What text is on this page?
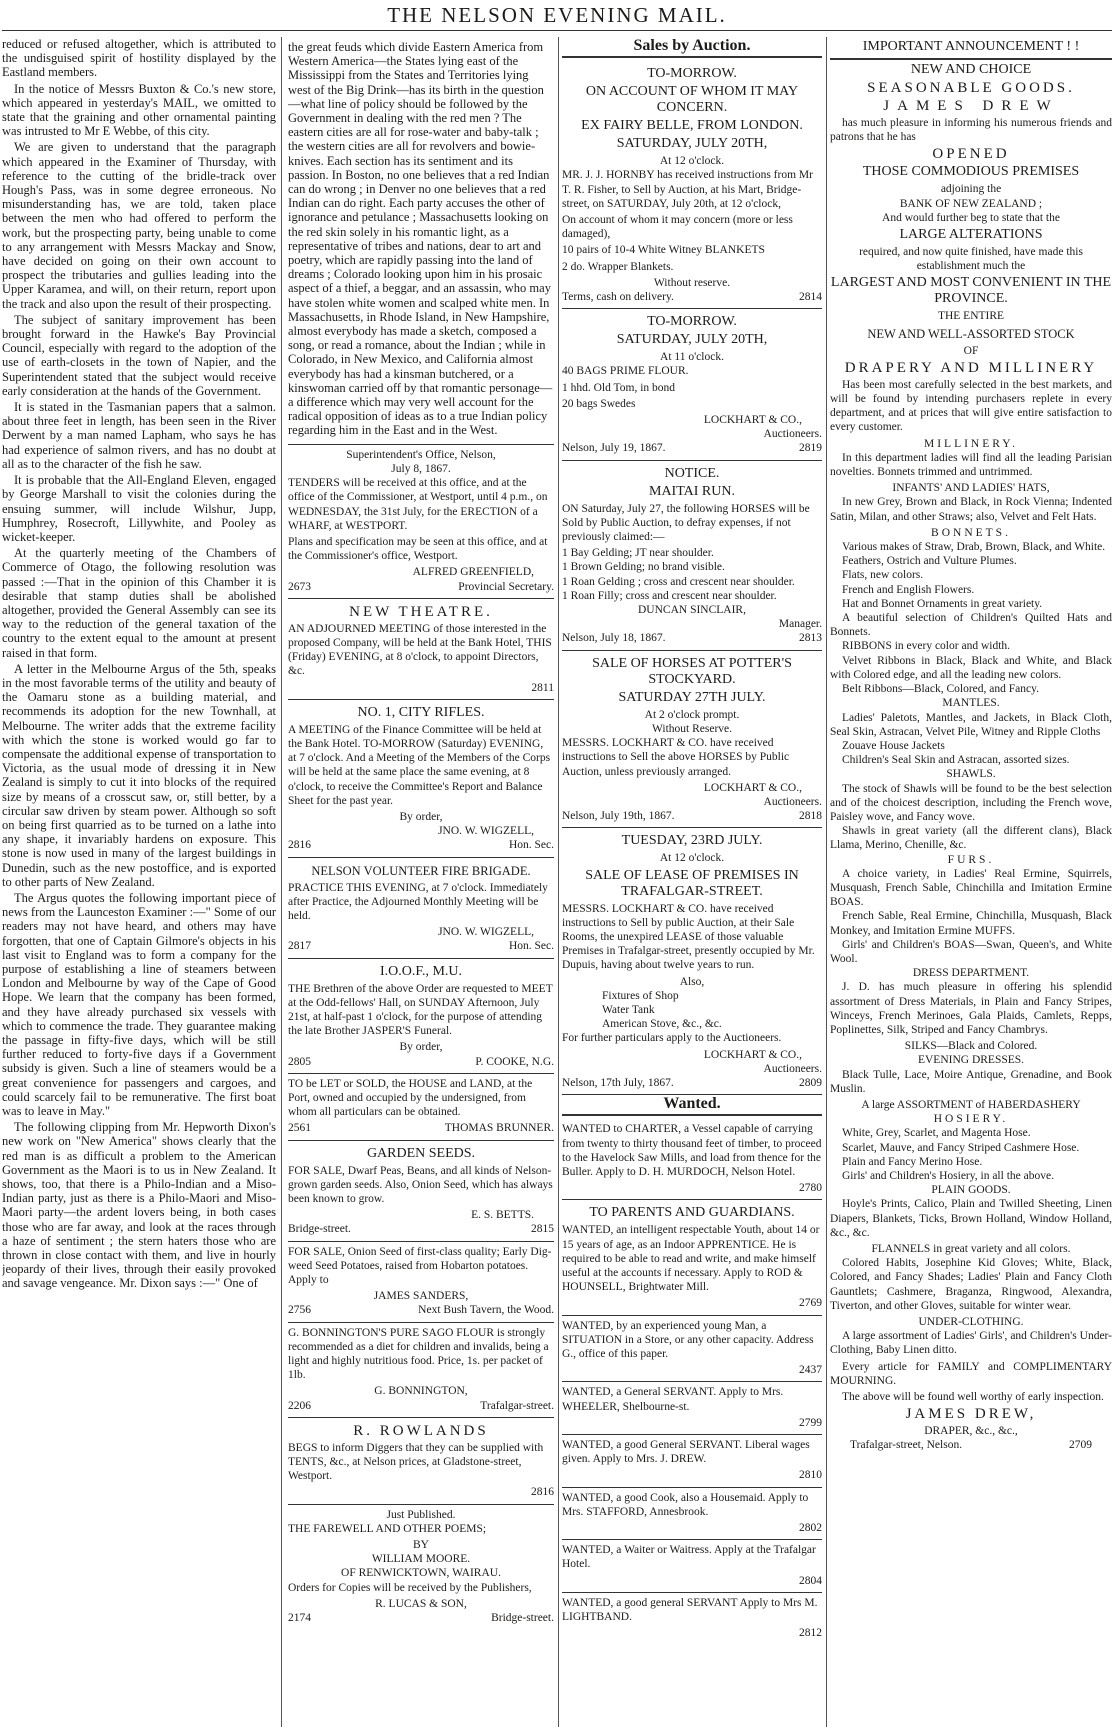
THE NELSON EVENING MAIL.

reduced or refused altogether, which is attributed to the undisguised spirit of hostility displayed by the Eastland members.

In the notice of Messrs Buxton & Co.'s new store, which appeared in yesterday's MAIL, we omitted to state that the graining and other ornamental painting was intrusted to Mr E Webbe, of this city.

We are given to understand that the paragraph which appeared in the Examiner of Thursday, with reference to the cutting of the bridle-track over Hough's Pass, was in some degree erroneous. No misunderstanding has, we are told, taken place between the men who had offered to perform the work, but the prospecting party, being unable to come to any arrangement with Messrs Mackay and Snow, have decided on going on their own account to prospect the tributaries and gullies leading into the Upper Karamea, and will, on their return, report upon the track and also upon the result of their prospecting.

The subject of sanitary improvement has been brought forward in the Hawke's Bay Provincial Council, especially with regard to the adoption of the use of earth-closets in the town of Napier, and the Superintendent stated that the subject would receive early consideration at the hands of the Government.

It is stated in the Tasmanian papers that a salmon. about three feet in length, has been seen in the River Derwent by a man named Lapham, who says he has had experience of salmon rivers, and has no doubt at all as to the character of the fish he saw.

It is probable that the All-England Eleven, engaged by George Marshall to visit the colonies during the ensuing summer, will include Wilshur, Jupp, Humphrey, Rosecroft, Lillywhite, and Pooley as wicket-keeper.

At the quarterly meeting of the Chambers of Commerce of Otago, the following resolution was passed :—That in the opinion of this Chamber it is desirable that stamp duties shall be abolished altogether, provided the General Assembly can see its way to the reduction of the general taxation of the country to the extent equal to the amount at present raised in that form.

A letter in the Melbourne Argus of the 5th, speaks in the most favorable terms of the utility and beauty of the Oamaru stone as a building material, and recommends its adoption for the new Townhall, at Melbourne. The writer adds that the extreme facility with which the stone is worked would go far to compensate the additional expense of transportation to Victoria, as the usual mode of dressing it in New Zealand is simply to cut it into blocks of the required size by means of a crosscut saw, or, still better, by a circular saw driven by steam power. Although so soft on being first quarried as to be turned on a lathe into any shape, it invariably hardens on exposure. This stone is now used in many of the largest buildings in Dunedin, such as the new postoffice, and is exported to other parts of New Zealand.

The Argus quotes the following important piece of news from the Launceston Examiner :—" Some of our readers may not have heard, and others may have forgotten, that one of Captain Gilmore's objects in his last visit to England was to form a company for the purpose of establishing a line of steamers between London and Melbourne by way of the Cape of Good Hope. We learn that the company has been formed, and they have already purchased six vessels with which to commence the trade. They guarantee making the passage in fifty-five days, which will be still further reduced to forty-five days if a Government subsidy is given. Such a line of steamers would be a great convenience for passengers and cargoes, and could scarcely fail to be remunerative. The first boat was to leave in May."

The following clipping from Mr. Hepworth Dixon's new work on "New America" shows clearly that the red man is as difficult a problem to the American Government as the Maori is to us in New Zealand. It shows, too, that there is a Philo-Indian and a Miso-Indian party, just as there is a Philo-Maori and Miso-Maori party—the ardent lovers being, in both cases those who are far away, and look at the races through a haze of sentiment ; the stern haters those who are thrown in close contact with them, and live in hourly jeopardy of their lives, through their easily provoked and savage vengeance. Mr. Dixon says :—" One of

the great feuds which divide Eastern America from Western America—the States lying east of the Mississippi from the States and Territories lying west of the Big Drink—has its birth in the question—what line of policy should be followed by the Government in dealing with the red men ? The eastern cities are all for rose-water and baby-talk ; the western cities are all for revolvers and bowie-knives. Each section has its sentiment and its passion. In Boston, no one believes that a red Indian can do wrong ; in Denver no one believes that a red Indian can do right. Each party accuses the other of ignorance and petulance ; Massachusetts looking on the red skin solely in his romantic light, as a representative of tribes and nations, dear to art and poetry, which are rapidly passing into the land of dreams ; Colorado looking upon him in his prosaic aspect of a thief, a beggar, and an assassin, who may have stolen white women and scalped white men. In Massachusetts, in Rhode Island, in New Hampshire, almost everybody has made a sketch, composed a song, or read a romance, about the Indian ; while in Colorado, in New Mexico, and California almost everybody has had a kinsman butchered, or a kinswoman carried off by that romantic personage—a difference which may very well account for the radical opposition of ideas as to a true Indian policy regarding him in the East and in the West.

Superintendent's Office, Nelson,
July 8, 1867.

TENDERS will be received at this office, and at the office of the Commissioner, at Westport, until 4 p.m., on WEDNESDAY, the 31st July, for the ERECTION of a WHARF, at WESTPORT.

Plans and specification may be seen at this office, and at the Commissioner's office, Westport.

ALFRED GREENFIELD,
2673	Provincial Secretary.
NEW THEATRE.

AN ADJOURNED MEETING of those interested in the proposed Company, will be held at the Bank Hotel, THIS (Friday) EVENING, at 8 o'clock, to appoint Directors, &c.

2811
NO. 1, CITY RIFLES.

A MEETING of the Finance Committee will be held at the Bank Hotel. TO-MORROW (Saturday) EVENING, at 7 o'clock. And a Meeting of the Members of the Corps will be held at the same place the same evening, at 8 o'clock, to receive the Committee's Report and Balance Sheet for the past year.

By order,
JNO. W. WIGZELL,
2816	Hon. Sec.
NELSON VOLUNTEER FIRE BRIGADE.

PRACTICE THIS EVENING, at 7 o'clock. Immediately after Practice, the Adjourned Monthly Meeting will be held.

JNO. W. WIGZELL,
2817	Hon. Sec.
I.O.O.F., M.U.

THE Brethren of the above Order are requested to MEET at the Odd-fellows' Hall, on SUNDAY Afternoon, July 21st, at half-past 1 o'clock, for the purpose of attending the late Brother JASPER'S Funeral.

By order,
2805	P. COOKE, N.G.

TO be LET or SOLD, the HOUSE and LAND, at the Port, owned and occupied by the undersigned, from whom all particulars can be obtained.

2561	THOMAS BRUNNER.
GARDEN SEEDS.

FOR SALE, Dwarf Peas, Beans, and all kinds of Nelson-grown garden seeds. Also, Onion Seed, which has always been known to grow.

E. S. BETTS.
Bridge-street.	2815

FOR SALE, Onion Seed of first-class quality; Early Dig-weed Seed Potatoes, raised from Hobarton potatoes. Apply to

JAMES SANDERS,
2756	Next Bush Tavern, the Wood.

G. BONNINGTON'S PURE SAGO FLOUR is strongly recommended as a diet for children and invalids, being a light and highly nutritious food. Price, 1s. per packet of 1lb.

G. BONNINGTON,
2206	Trafalgar-street.
R. ROWLANDS

BEGS to inform Diggers that they can be supplied with TENTS, &c., at Nelson prices, at Gladstone-street, Westport.

2816
Just Published.

THE FAREWELL AND OTHER POEMS;

BY
WILLIAM MOORE.
OF RENWICKTOWN, WAIRAU.

Orders for Copies will be received by the Publishers,

R. LUCAS & SON,
2174	Bridge-street.
Sales by Auction.
TO-MORROW.
ON ACCOUNT OF WHOM IT MAY CONCERN.
EX FAIRY BELLE, FROM LONDON.
SATURDAY, JULY 20TH,
At 12 o'clock.

MR. J. J. HORNBY has received instructions from Mr T. R. Fisher, to Sell by Auction, at his Mart, Bridge-street, on SATURDAY, July 20th, at 12 o'clock,

On account of whom it may concern (more or less damaged),

10 pairs of 10-4 White Witney BLANKETS

2 do. Wrapper Blankets.

Without reserve.
Terms, cash on delivery.	2814
TO-MORROW.
SATURDAY, JULY 20TH,
At 11 o'clock.

40 BAGS PRIME FLOUR.

1 hhd. Old Tom, in bond

20 bags Swedes

LOCKHART & CO.,
Auctioneers.
Nelson, July 19, 1867.	2819
NOTICE.
MAITAI RUN.

ON Saturday, July 27, the following HORSES will be Sold by Public Auction, to defray expenses, if not previously claimed:—

1 Bay Gelding; JT near shoulder.

1 Brown Gelding; no brand visible.

1 Roan Gelding ; cross and crescent near shoulder.

1 Roan Filly; cross and crescent near shoulder.

DUNCAN SINCLAIR,
Manager.
Nelson, July 18, 1867.	2813
SALE OF HORSES AT POTTER'S STOCKYARD.
SATURDAY 27TH JULY.
At 2 o'clock prompt.
Without Reserve.

MESSRS. LOCKHART & CO. have received instructions to Sell the above HORSES by Public Auction, unless previously arranged.

LOCKHART & CO.,
Auctioneers.
Nelson, July 19th, 1867.	2818
TUESDAY, 23RD JULY.
At 12 o'clock.
SALE OF LEASE OF PREMISES IN TRAFALGAR-STREET.

MESSRS. LOCKHART & CO. have received instructions to Sell by public Auction, at their Sale Rooms, the unexpired LEASE of those valuable Premises in Trafalgar-street, presently occupied by Mr. Dupuis, having about twelve years to run.

Also,

Fixtures of Shop

Water Tank

American Stove, &c., &c.

For further particulars apply to the Auctioneers.

LOCKHART & CO.,
Auctioneers.
Nelson, 17th July, 1867.	2809
Wanted.

WANTED to CHARTER, a Vessel capable of carrying from twenty to thirty thousand feet of timber, to proceed to the Havelock Saw Mills, and load from thence for the Buller. Apply to D. H. MURDOCH, Nelson Hotel.

2780
TO PARENTS AND GUARDIANS.

WANTED, an intelligent respectable Youth, about 14 or 15 years of age, as an Indoor APPRENTICE. He is required to be able to read and write, and make himself useful at the accounts if necessary. Apply to ROD & HOUNSELL, Brightwater Mill.

2769

WANTED, by an experienced young Man, a SITUATION in a Store, or any other capacity. Address G., office of this paper.

2437

WANTED, a General SERVANT. Apply to Mrs. WHEELER, Shelbourne-st.

2799

WANTED, a good General SERVANT. Liberal wages given. Apply to Mrs. J. DREW.

2810

WANTED, a good Cook, also a Housemaid. Apply to Mrs. STAFFORD, Annesbrook.

2802

WANTED, a Waiter or Waitress. Apply at the Trafalgar Hotel.

2804

WANTED, a good general SERVANT Apply to Mrs M. LIGHTBAND.

2812
IMPORTANT ANNOUNCEMENT ! !
NEW AND CHOICE
SEASONABLE GOODS.
JAMES DREW

has much pleasure in informing his numerous friends and patrons that he has

OPENED
THOSE COMMODIOUS PREMISES
adjoining the
BANK OF NEW ZEALAND ;
And would further beg to state that the
LARGE ALTERATIONS
required, and now quite finished, have made this establishment much the
LARGEST AND MOST CONVENIENT IN THE PROVINCE.
THE ENTIRE
NEW AND WELL-ASSORTED STOCK
OF
DRAPERY AND MILLINERY

Has been most carefully selected in the best markets, and will be found by intending purchasers replete in every department, and at prices that will give entire satisfaction to every customer.

MILLINERY.

In this department ladies will find all the leading Parisian novelties. Bonnets trimmed and untrimmed.

INFANTS' AND LADIES' HATS,

In new Grey, Brown and Black, in Rock Vienna; Indented Satin, Milan, and other Straws; also, Velvet and Felt Hats.

BONNETS.

Various makes of Straw, Drab, Brown, Black, and White.

Feathers, Ostrich and Vulture Plumes.

Flats, new colors.

French and English Flowers.

Hat and Bonnet Ornaments in great variety.

A beautiful selection of Children's Quilted Hats and Bonnets.

RIBBONS in every color and width.

Velvet Ribbons in Black, Black and White, and Black with Colored edge, and all the leading new colors.

Belt Ribbons—Black, Colored, and Fancy.

MANTLES.

Ladies' Paletots, Mantles, and Jackets, in Black Cloth, Seal Skin, Astracan, Velvet Pile, Witney and Ripple Cloths

Zouave House Jackets

Children's Seal Skin and Astracan, assorted sizes.

SHAWLS.

The stock of Shawls will be found to be the best selection and of the choicest description, including the French wove, Paisley wove, and Fancy wove.

Shawls in great variety (all the different clans), Black Llama, Merino, Chenille, &c.

FURS.

A choice variety, in Ladies' Real Ermine, Squirrels, Musquash, French Sable, Chinchilla and Imitation Ermine BOAS.

French Sable, Real Ermine, Chinchilla, Musquash, Black Monkey, and Imitation Ermine MUFFS.

Girls' and Children's BOAS—Swan, Queen's, and White Wool.

DRESS DEPARTMENT.

J. D. has much pleasure in offering his splendid assortment of Dress Materials, in Plain and Fancy Stripes, Winceys, French Merinoes, Gala Plaids, Camlets, Repps, Poplinettes, Silk, Striped and Fancy Chambrys.

SILKS—Black and Colored.
EVENING DRESSES.

Black Tulle, Lace, Moire Antique, Grenadine, and Book Muslin.

A large ASSORTMENT of HABERDASHERY
HOSIERY.

White, Grey, Scarlet, and Magenta Hose.

Scarlet, Mauve, and Fancy Striped Cashmere Hose.

Plain and Fancy Merino Hose.

Girls' and Children's Hosiery, in all the above.

PLAIN GOODS.

Hoyle's Prints, Calico, Plain and Twilled Sheeting, Linen Diapers, Blankets, Ticks, Brown Holland, Window Holland, &c., &c.

FLANNELS in great variety and all colors.

Colored Habits, Josephine Kid Gloves; White, Black, Colored, and Fancy Shades; Ladies' Plain and Fancy Cloth Gauntlets; Cashmere, Braganza, Ringwood, Alexandra, Tiverton, and other Gloves, suitable for winter wear.

UNDER-CLOTHING.

A large assortment of Ladies' Girls', and Children's Under-Clothing, Baby Linen ditto.

Every article for FAMILY and COMPLIMENTARY MOURNING.

The above will be found well worthy of early inspection.

JAMES DREW,
DRAPER, &c., &c.,
Trafalgar-street, Nelson.	2709
